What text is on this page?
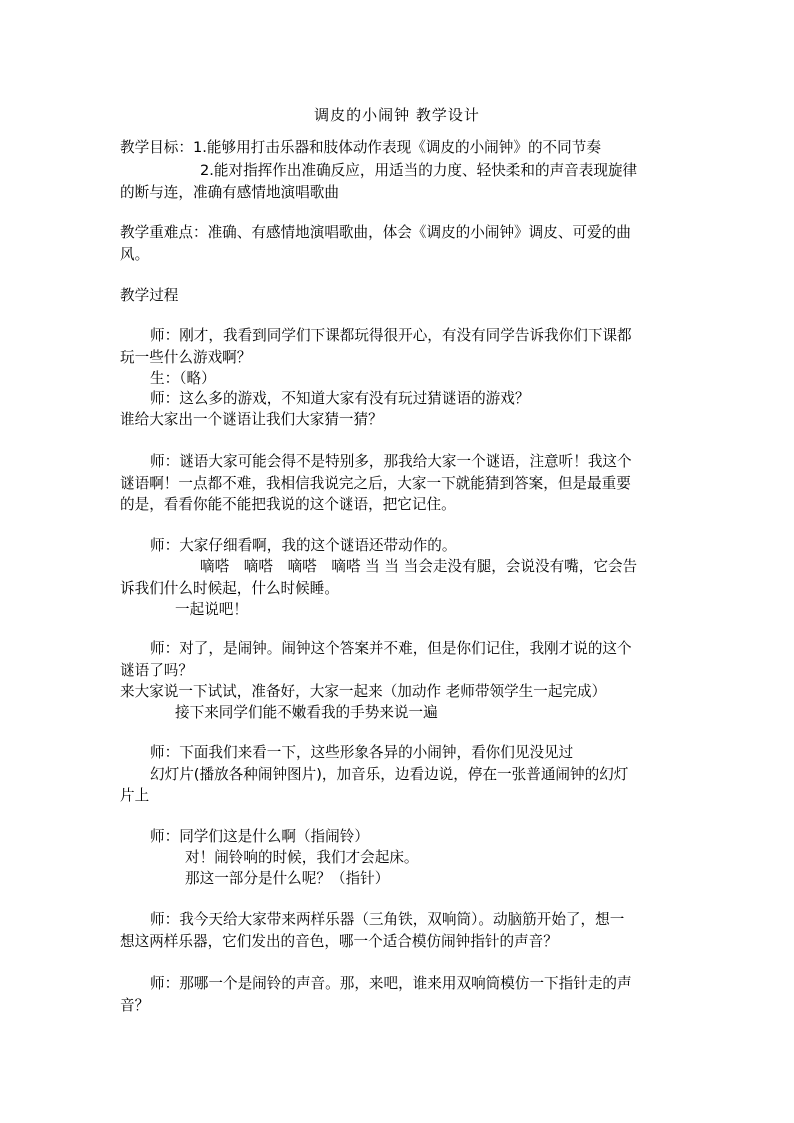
调皮的小闹钟 教学设计
教学目标：1.能够用打击乐器和肢体动作表现《调皮的小闹钟》的不同节奏
2.能对指挥作出准确反应，用适当的力度、轻快柔和的声音表现旋律
的断与连，准确有感情地演唱歌曲
教学重难点：准确、有感情地演唱歌曲，体会《调皮的小闹钟》调皮、可爱的曲
风。
教学过程
师：刚才，我看到同学们下课都玩得很开心，有没有同学告诉我你们下课都
玩一些什么游戏啊？
生：（略）
师：这么多的游戏，不知道大家有没有玩过猜谜语的游戏？
谁给大家出一个谜语让我们大家猜一猜？
师：谜语大家可能会得不是特别多，那我给大家一个谜语，注意听！我这个
谜语啊！一点都不难，我相信我说完之后，大家一下就能猜到答案，但是最重要
的是，看看你能不能把我说的这个谜语，把它记住。
师：大家仔细看啊，我的这个谜语还带动作的。
嘀嗒　嘀嗒　嘀嗒　嘀嗒 当 当 当会走没有腿，会说没有嘴，它会告
诉我们什么时候起，什么时候睡。
一起说吧！
师：对了，是闹钟。闹钟这个答案并不难，但是你们记住，我刚才说的这个
谜语了吗？
来大家说一下试试，准备好，大家一起来（加动作 老师带领学生一起完成）
接下来同学们能不嫩看我的手势来说一遍
师：下面我们来看一下，这些形象各异的小闹钟，看你们见没见过
幻灯片(播放各种闹钟图片)，加音乐，边看边说，停在一张普通闹钟的幻灯
片上
师：同学们这是什么啊（指闹铃）
对！闹铃响的时候，我们才会起床。
那这一部分是什么呢？（指针）
师：我今天给大家带来两样乐器（三角铁，双响筒）。动脑筋开始了，想一
想这两样乐器，它们发出的音色，哪一个适合模仿闹钟指针的声音？
师：那哪一个是闹铃的声音。那，来吧，谁来用双响筒模仿一下指针走的声
音？
